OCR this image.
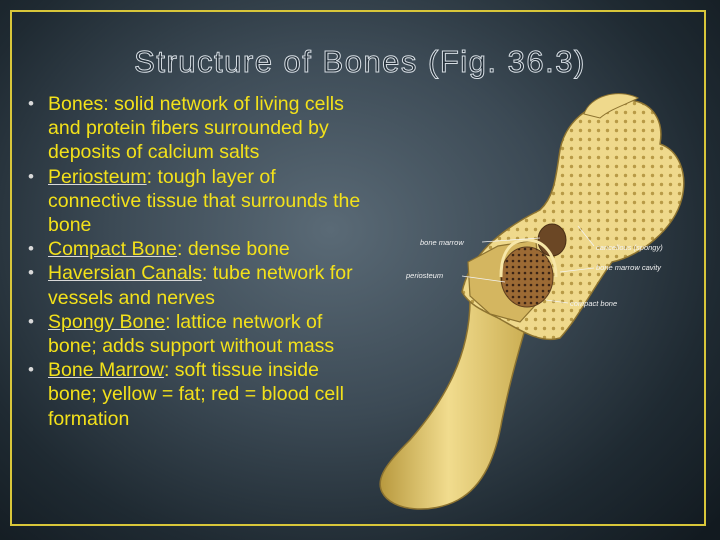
Structure of Bones (Fig. 36.3)
• Bones: solid network of living cells and protein fibers surrounded by deposits of calcium salts
• Periosteum: tough layer of connective tissue that surrounds the bone
• Compact Bone: dense bone
• Haversian Canals: tube network for vessels and nerves
• Spongy Bone: lattice network of bone; adds support without mass
• Bone Marrow: soft tissue inside bone; yellow = fat; red = blood cell formation
bone marrow
periosteum
cancellous (spongy)
bone marrow cavity
compact bone
